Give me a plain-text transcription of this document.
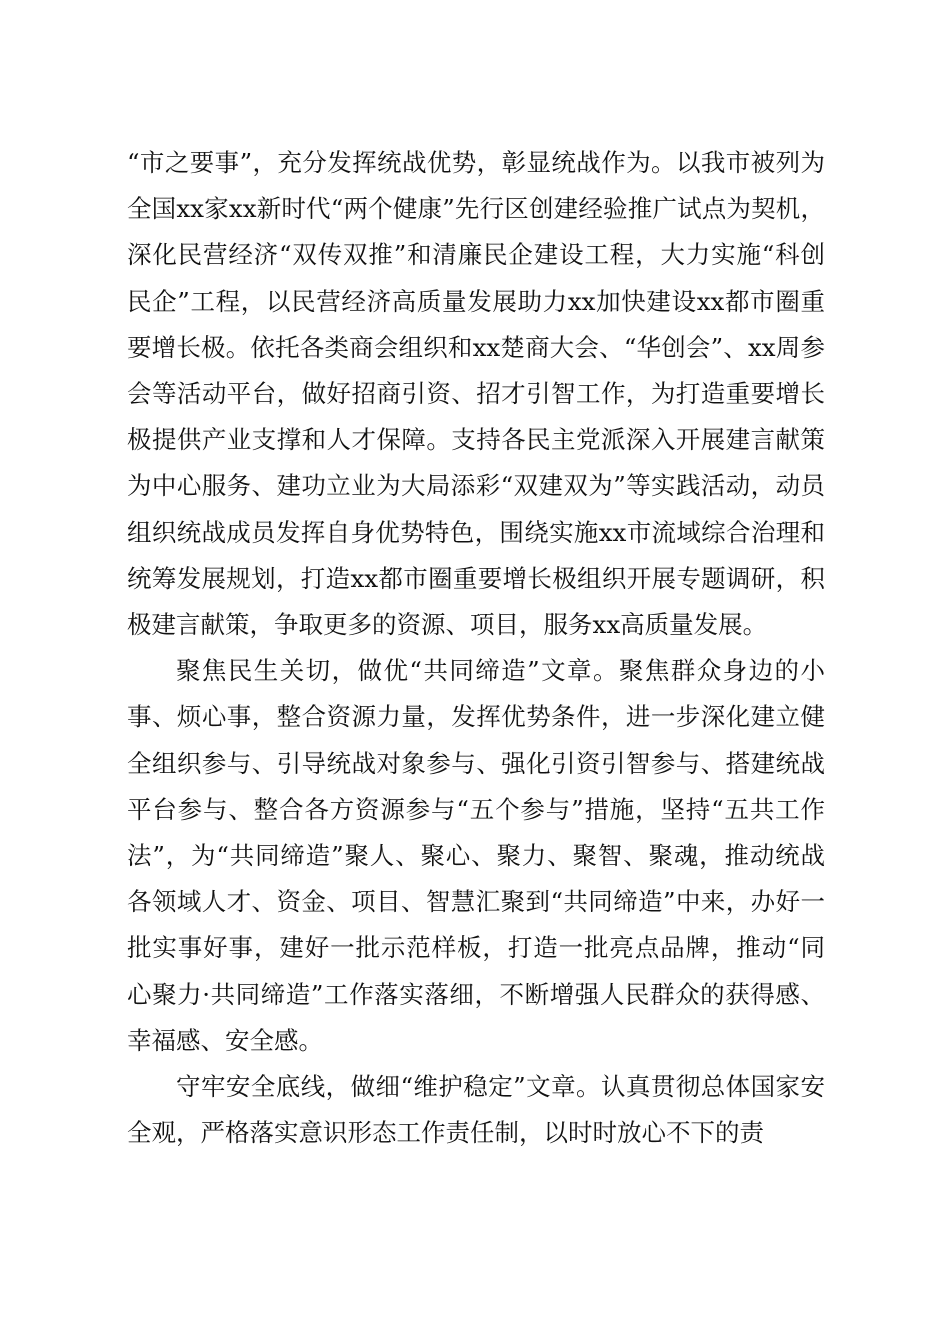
“市之要事”，充分发挥统战优势，彰显统战作为。以我市被列为全国xx家xx新时代“两个健康”先行区创建经验推广试点为契机，深化民营经济“双传双推”和清廉民企建设工程，大力实施“科创民企”工程，以民营经济高质量发展助力xx加快建设xx都市圈重要增长极。依托各类商会组织和xx楚商大会、“华创会”、xx周参会等活动平台，做好招商引资、招才引智工作，为打造重要增长极提供产业支撑和人才保障。支持各民主党派深入开展建言献策为中心服务、建功立业为大局添彩“双建双为”等实践活动，动员组织统战成员发挥自身优势特色，围绕实施xx市流域综合治理和统筹发展规划，打造xx都市圈重要增长极组织开展专题调研，积极建言献策，争取更多的资源、项目，服务xx高质量发展。

聚焦民生关切，做优“共同缔造”文章。聚焦群众身边的小事、烦心事，整合资源力量，发挥优势条件，进一步深化建立健全组织参与、引导统战对象参与、强化引资引智参与、搭建统战平台参与、整合各方资源参与“五个参与”措施，坚持“五共工作法”，为“共同缔造”聚人、聚心、聚力、聚智、聚魂，推动统战各领域人才、资金、项目、智慧汇聚到“共同缔造”中来，办好一批实事好事，建好一批示范样板，打造一批亮点品牌，推动“同心聚力·共同缔造”工作落实落细，不断增强人民群众的获得感、幸福感、安全感。

守牢安全底线，做细“维护稳定”文章。认真贯彻总体国家安全观，严格落实意识形态工作责任制，以时时放心不下的责
